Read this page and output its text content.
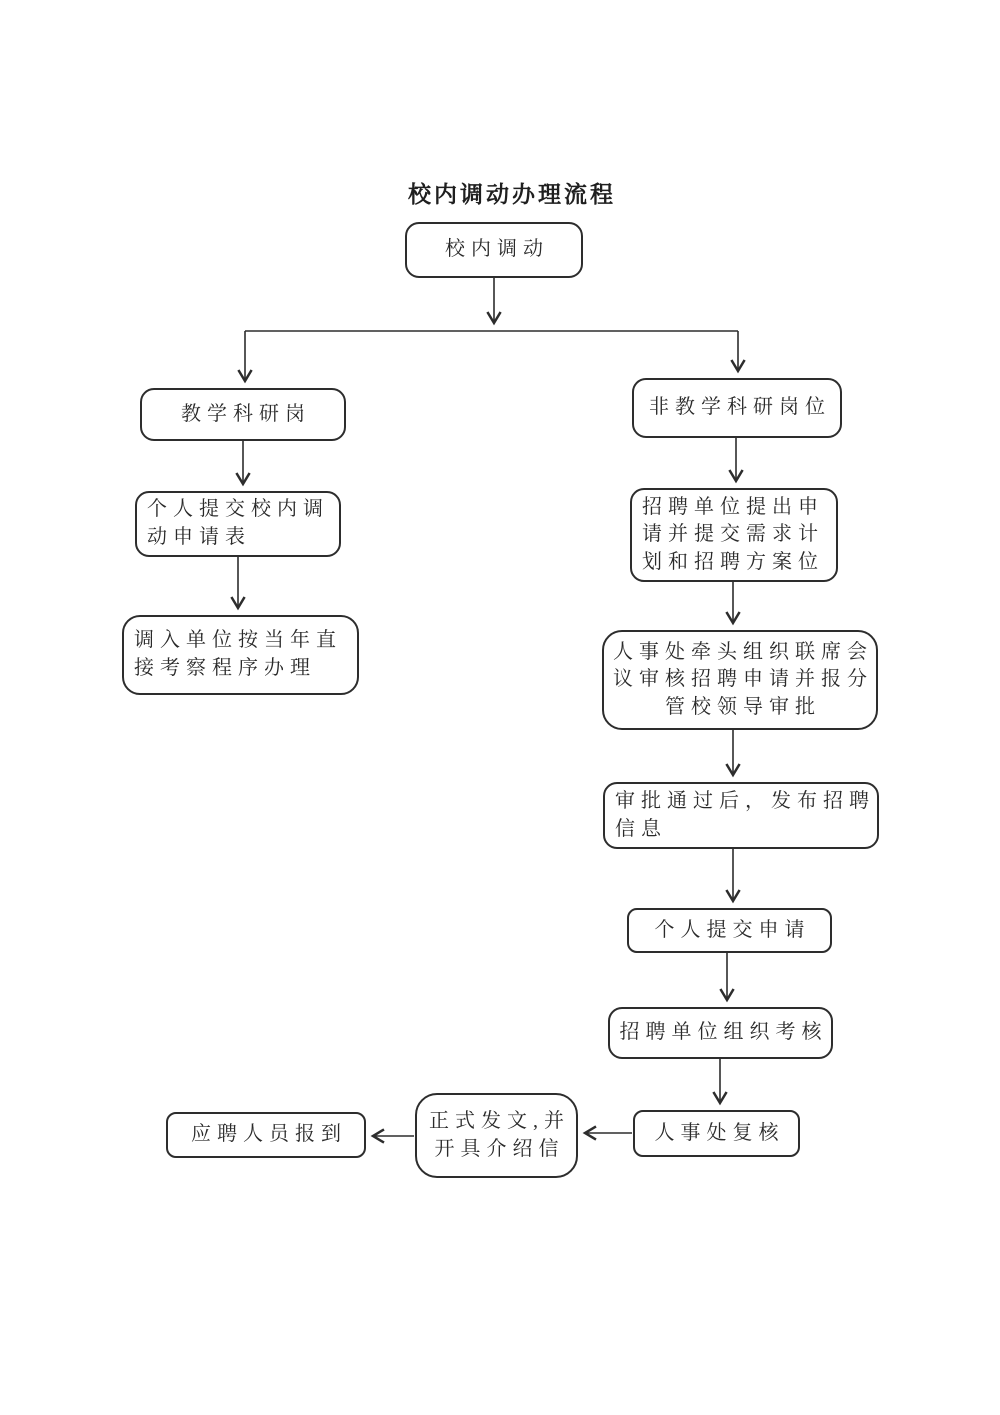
校内调动办理流程
校内调动
教学科研岗
个人提交校内调
动申请表
调入单位按当年直
接考察程序办理
非教学科研岗位
招聘单位提出申
请并提交需求计
划和招聘方案位
人事处牵头组织联席会
议审核招聘申请并报分
管校领导审批
审批通过后，发布招聘
信息
个人提交申请
招聘单位组织考核
人事处复核
正式发文,并
开具介绍信
应聘人员报到
